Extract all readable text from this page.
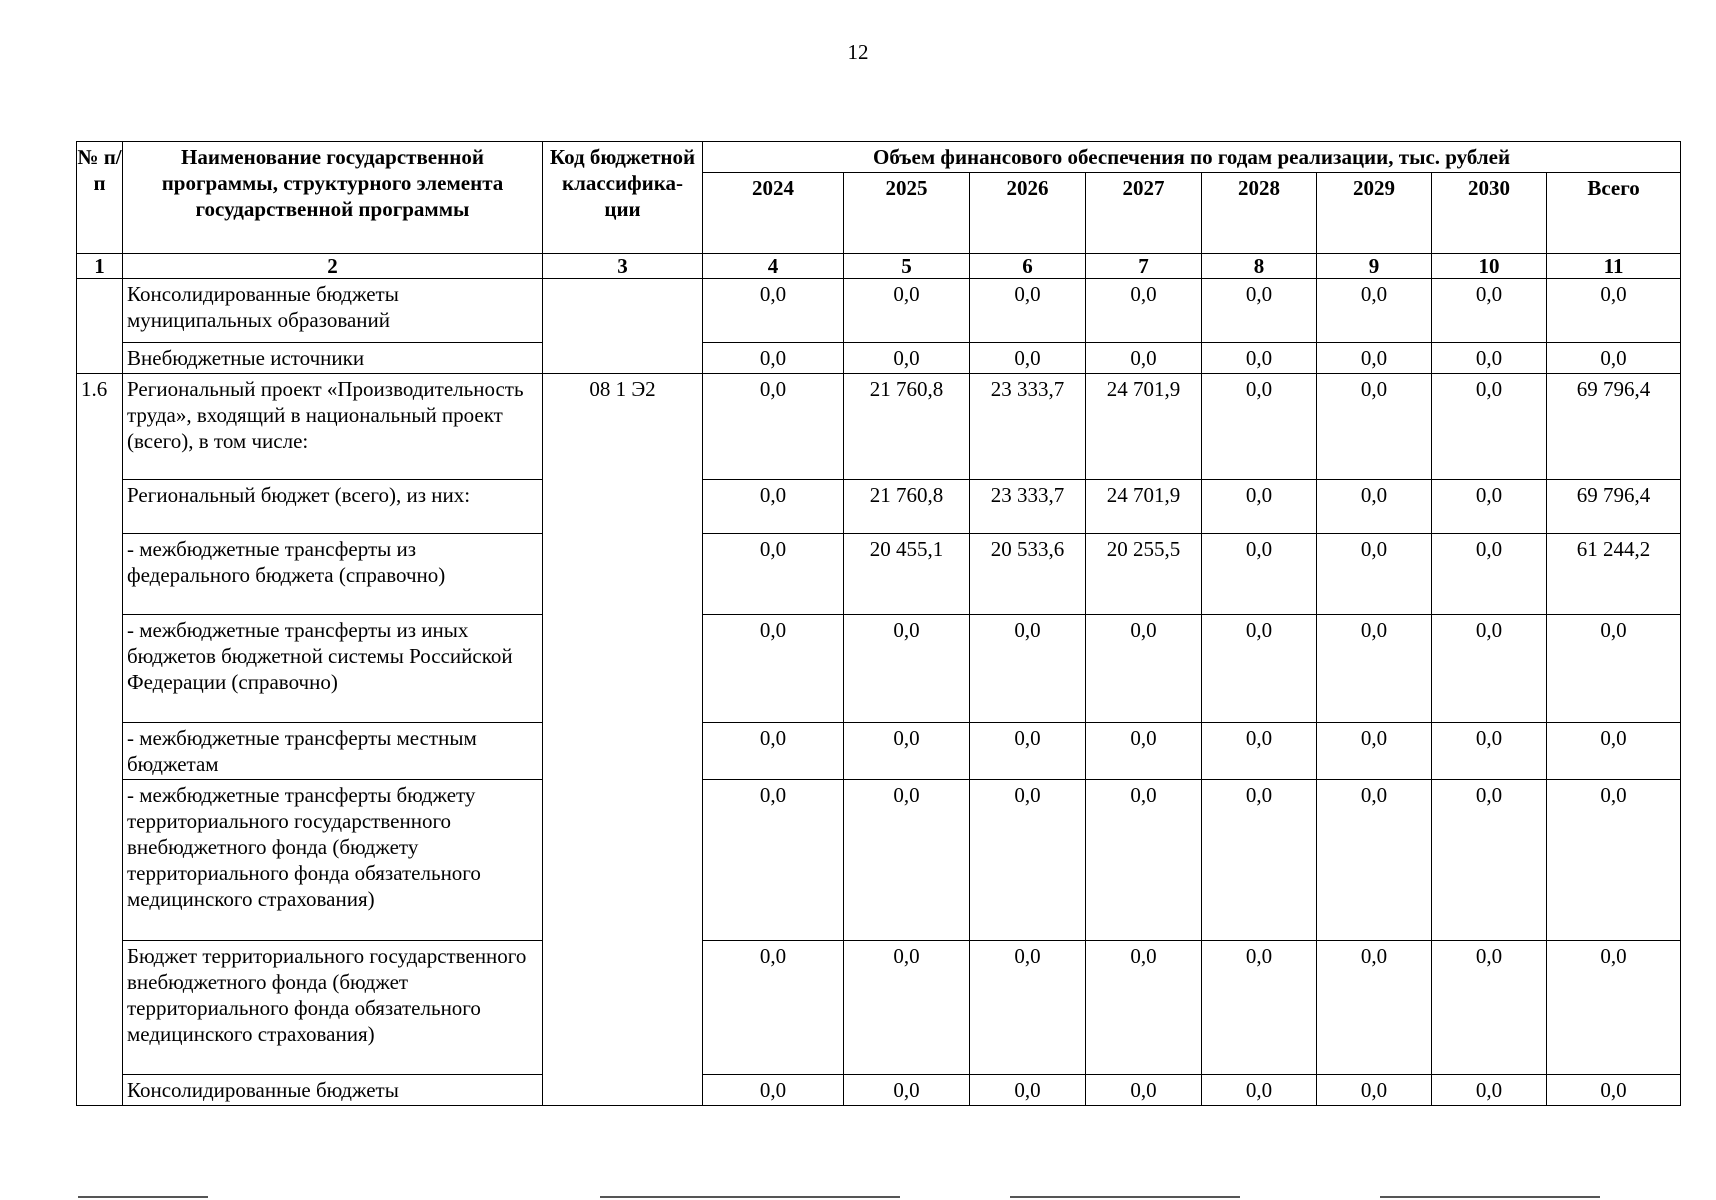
12
№ п/п	Наименование государственной программы, структурного элемента государственной программы	Код бюджетной классифика-ции	Объем финансового обеспечения по годам реализации, тыс. рублей							
			2024	2025	2026	2027	2028	2029	2030	Всего
1	2	3	4	5	6	7	8	9	10	11
	Консолидированные бюджеты муниципальных образований		0,0	0,0	0,0	0,0	0,0	0,0	0,0	0,0
	Внебюджетные источники		0,0	0,0	0,0	0,0	0,0	0,0	0,0	0,0
1.6	Региональный проект «Производительность труда», входящий в национальный проект (всего), в том числе:	08 1 Э2	0,0	21 760,8	23 333,7	24 701,9	0,0	0,0	0,0	69 796,4
	Региональный бюджет (всего), из них:		0,0	21 760,8	23 333,7	24 701,9	0,0	0,0	0,0	69 796,4
	- межбюджетные трансферты из федерального бюджета (справочно)		0,0	20 455,1	20 533,6	20 255,5	0,0	0,0	0,0	61 244,2
	- межбюджетные трансферты из иных бюджетов бюджетной системы Российской Федерации (справочно)		0,0	0,0	0,0	0,0	0,0	0,0	0,0	0,0
	- межбюджетные трансферты местным бюджетам		0,0	0,0	0,0	0,0	0,0	0,0	0,0	0,0
	- межбюджетные трансферты бюджету территориального государственного внебюджетного фонда (бюджету территориального фонда обязательного медицинского страхования)		0,0	0,0	0,0	0,0	0,0	0,0	0,0	0,0
	Бюджет территориального государственного внебюджетного фонда (бюджет территориального фонда обязательного медицинского страхования)		0,0	0,0	0,0	0,0	0,0	0,0	0,0	0,0
	Консолидированные бюджеты		0,0	0,0	0,0	0,0	0,0	0,0	0,0	0,0
